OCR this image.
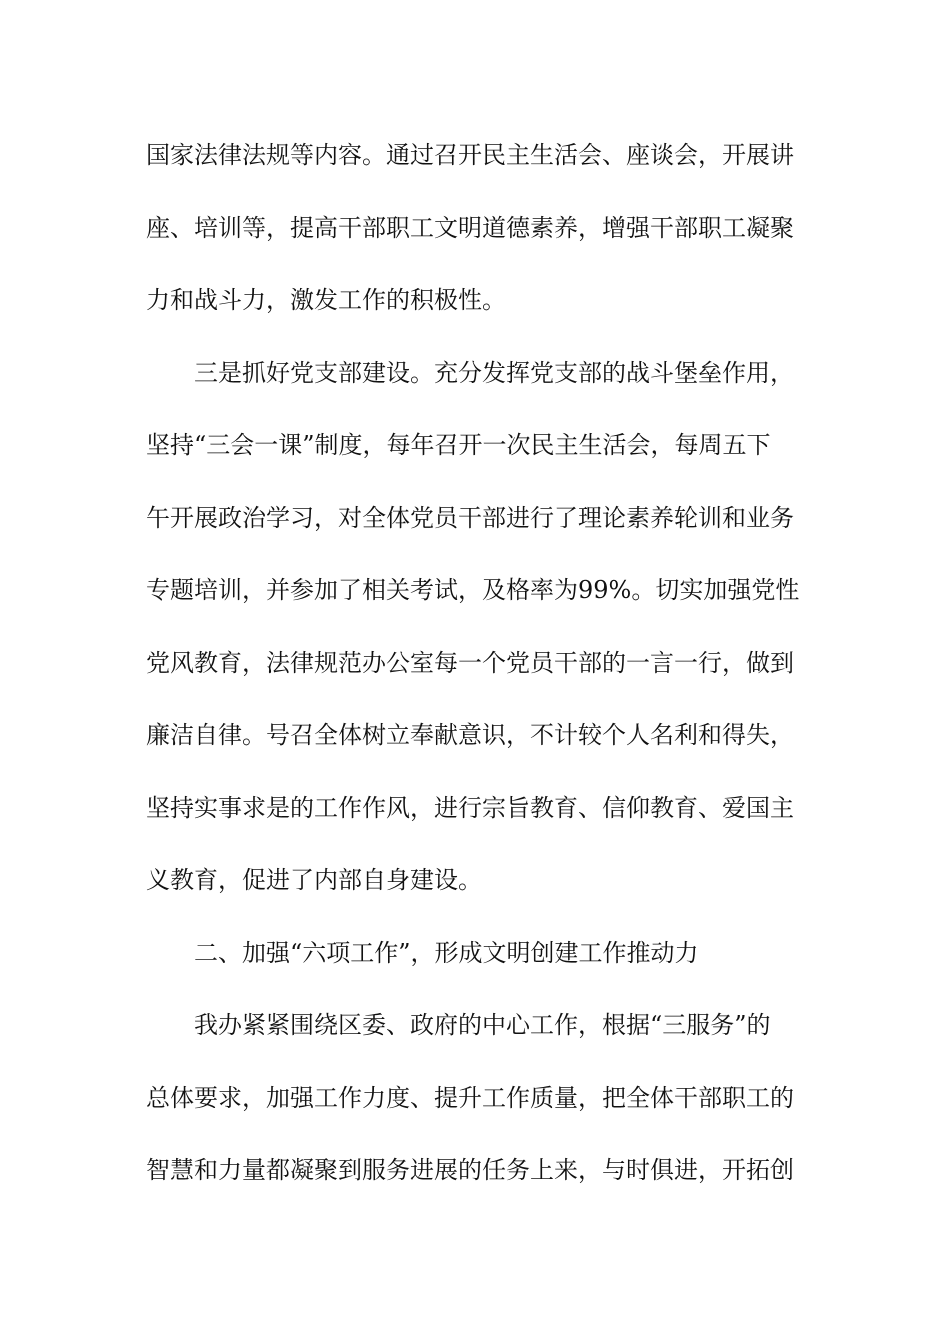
国家法律法规等内容。通过召开民主生活会、座谈会，开展讲
座、培训等，提高干部职工文明道德素养，增强干部职工凝聚
力和战斗力，激发工作的积极性。
三是抓好党支部建设。充分发挥党支部的战斗堡垒作用，
坚持“三会一课”制度，每年召开一次民主生活会，每周五下
午开展政治学习，对全体党员干部进行了理论素养轮训和业务
专题培训，并参加了相关考试，及格率为99%。切实加强党性
党风教育，法律规范办公室每一个党员干部的一言一行，做到
廉洁自律。号召全体树立奉献意识，不计较个人名利和得失，
坚持实事求是的工作作风，进行宗旨教育、信仰教育、爱国主
义教育，促进了内部自身建设。
二、加强“六项工作”，形成文明创建工作推动力
我办紧紧围绕区委、政府的中心工作，根据“三服务”的
总体要求，加强工作力度、提升工作质量，把全体干部职工的
智慧和力量都凝聚到服务进展的任务上来，与时俱进，开拓创
